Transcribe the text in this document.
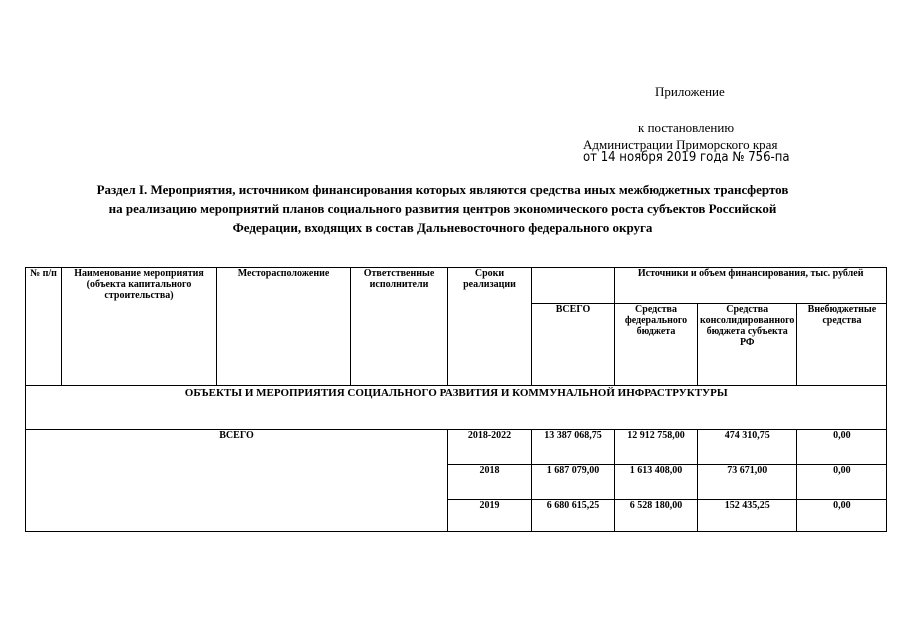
Приложение
к постановлению
Администрации Приморского края
от 14 ноября 2019 года № 756-па
Раздел I. Мероприятия, источником финансирования которых являются средства иных межбюджетных трансфертов
на реализацию мероприятий планов социального развития центров экономического роста субъектов Российской
Федерации, входящих в состав Дальневосточного федерального округа
№ п/п	Наименование мероприятия (объекта капитального строительства)	Месторасположение	Ответственные исполнители	Сроки реализации		Источники и объем финансирования, тыс. рублей		
					ВСЕГО	Средства федерального бюджета	Средства консолидированного бюджета субъекта РФ	Внебюджетные средства
ОБЪЕКТЫ И МЕРОПРИЯТИЯ СОЦИАЛЬНОГО РАЗВИТИЯ И КОММУНАЛЬНОЙ ИНФРАСТРУКТУРЫ								
ВСЕГО				2018-2022	13 387 068,75	12 912 758,00	474 310,75	0,00
				2018	1 687 079,00	1 613 408,00	73 671,00	0,00
				2019	6 680 615,25	6 528 180,00	152 435,25	0,00
